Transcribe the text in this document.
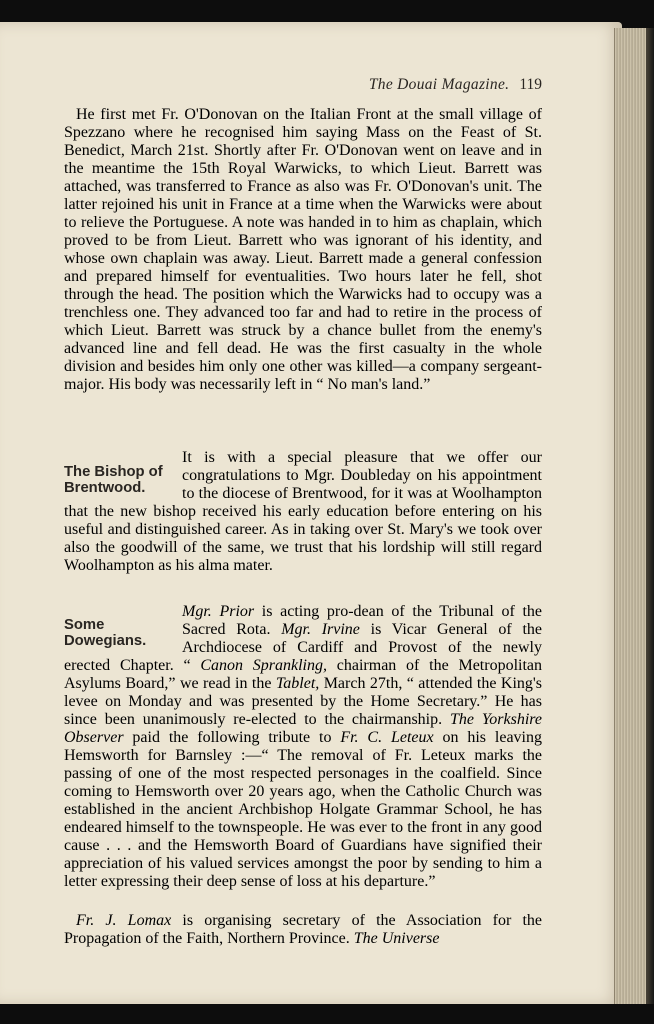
The Douai Magazine. 119

He first met Fr. O'Donovan on the Italian Front at the small village of Spezzano where he recognised him saying Mass on the Feast of St. Benedict, March 21st. Shortly after Fr. O'Donovan went on leave and in the meantime the 15th Royal Warwicks, to which Lieut. Barrett was attached, was transferred to France as also was Fr. O'Donovan's unit. The latter rejoined his unit in France at a time when the Warwicks were about to relieve the Portuguese. A note was handed in to him as chaplain, which proved to be from Lieut. Barrett who was ignorant of his identity, and whose own chaplain was away. Lieut. Barrett made a general confession and prepared himself for eventualities. Two hours later he fell, shot through the head. The position which the Warwicks had to occupy was a trenchless one. They advanced too far and had to retire in the process of which Lieut. Barrett was struck by a chance bullet from the enemy's advanced line and fell dead. He was the first casualty in the whole division and besides him only one other was killed—a company sergeant-major. His body was necessarily left in “ No man's land.”

The Bishop of Brentwood.

It is with a special pleasure that we offer our congratulations to Mgr. Doubleday on his appointment to the diocese of Brentwood, for it was at Woolhampton that the new bishop received his early education before entering on his useful and distinguished career. As in taking over St. Mary's we took over also the goodwill of the same, we trust that his lordship will still regard Woolhampton as his alma mater.

Some Dowegians.

Mgr. Prior is acting pro-dean of the Tribunal of the Sacred Rota. Mgr. Irvine is Vicar General of the Archdiocese of Cardiff and Provost of the newly erected Chapter. “ Canon Sprankling, chairman of the Metropolitan Asylums Board,” we read in the Tablet, March 27th, “ attended the King's levee on Monday and was presented by the Home Secretary.” He has since been unanimously re-elected to the chairmanship. The Yorkshire Observer paid the following tribute to Fr. C. Leteux on his leaving Hemsworth for Barnsley :—“ The removal of Fr. Leteux marks the passing of one of the most respected personages in the coalfield. Since coming to Hemsworth over 20 years ago, when the Catholic Church was established in the ancient Archbishop Holgate Grammar School, he has endeared himself to the townspeople. He was ever to the front in any good cause . . . and the Hemsworth Board of Guardians have signified their appreciation of his valued services amongst the poor by sending to him a letter expressing their deep sense of loss at his departure.”

Fr. J. Lomax is organising secretary of the Association for the Propagation of the Faith, Northern Province. The Universe
